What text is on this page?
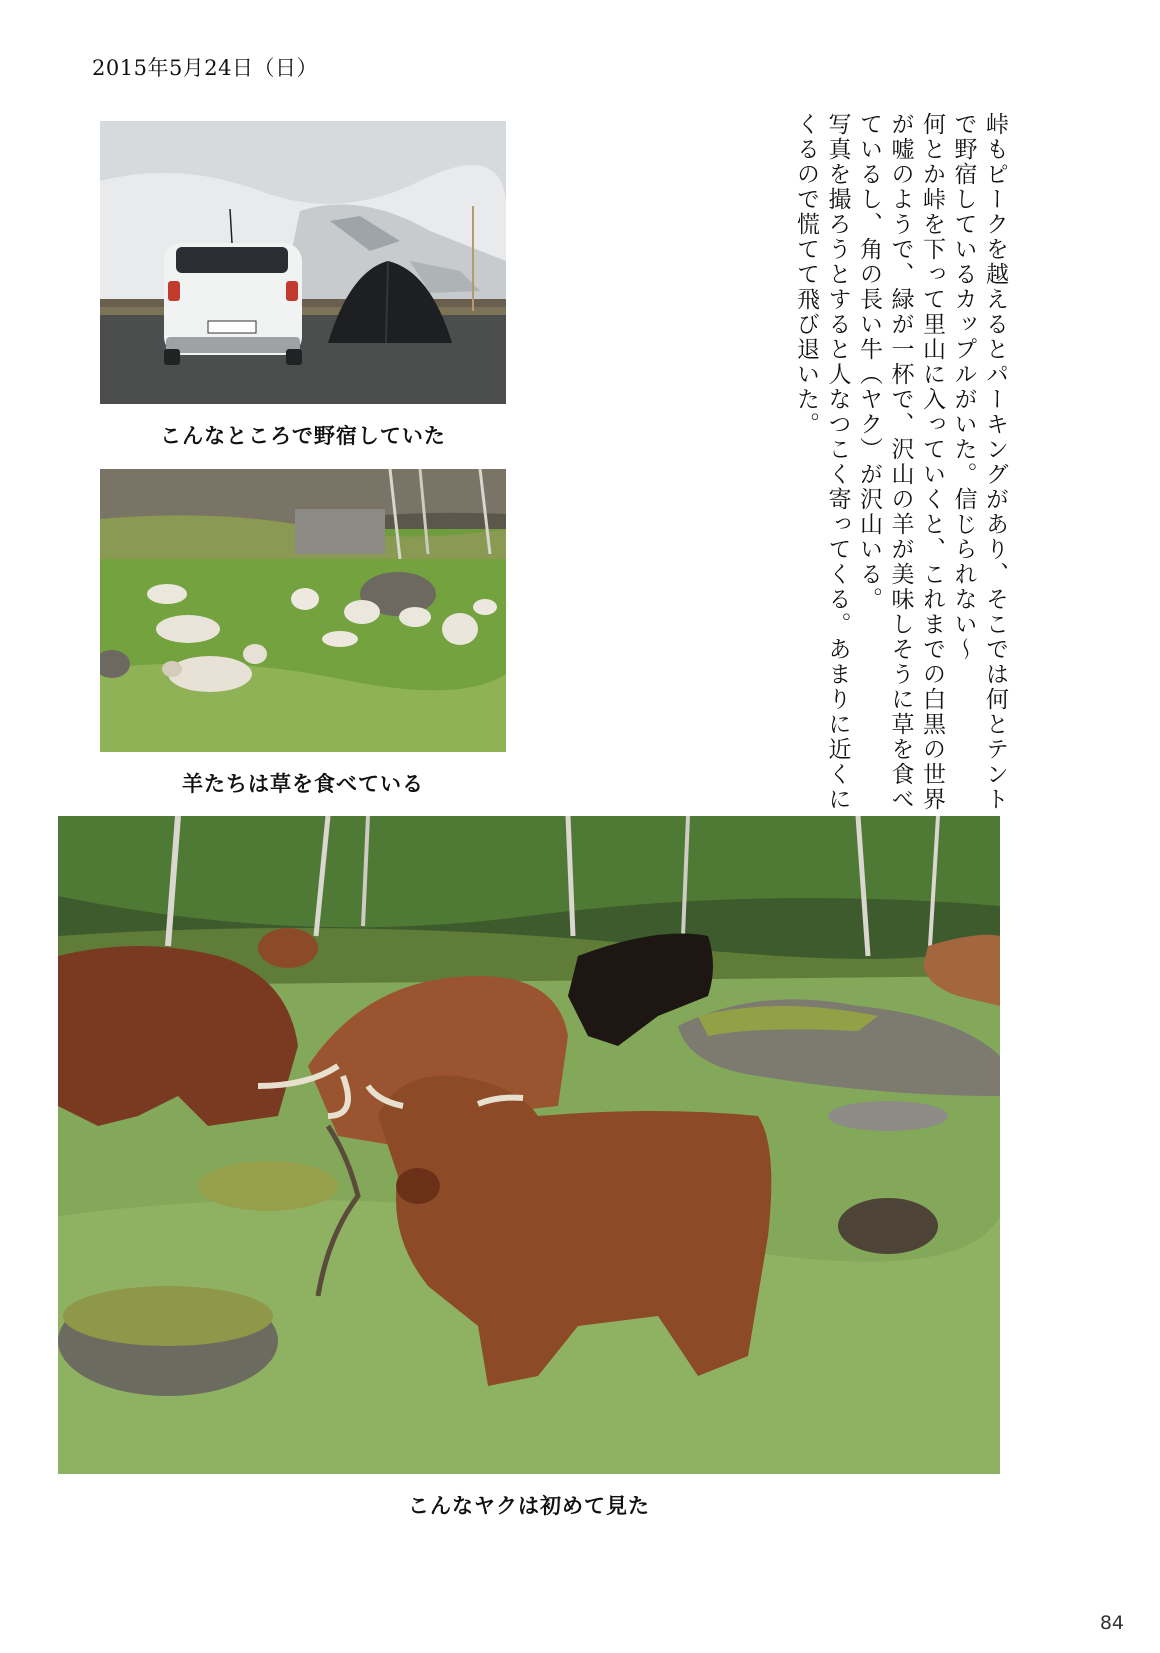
2015年5月24日（日）
こんなところで野宿していた
羊たちは草を食べている
こんなヤクは初めて見た

峠もピークを越えるとパーキングがあり、そこでは何とテントで野宿しているカップルがいた。信じられない～

何とか峠を下って里山に入っていくと、これまでの白黒の世界が嘘のようで、緑が一杯で、沢山の羊が美味しそうに草を食べているし、角の長い牛（ヤク）が沢山いる。

写真を撮ろうとすると人なつこく寄ってくる。あまりに近くにくるので慌てて飛び退いた。

84
